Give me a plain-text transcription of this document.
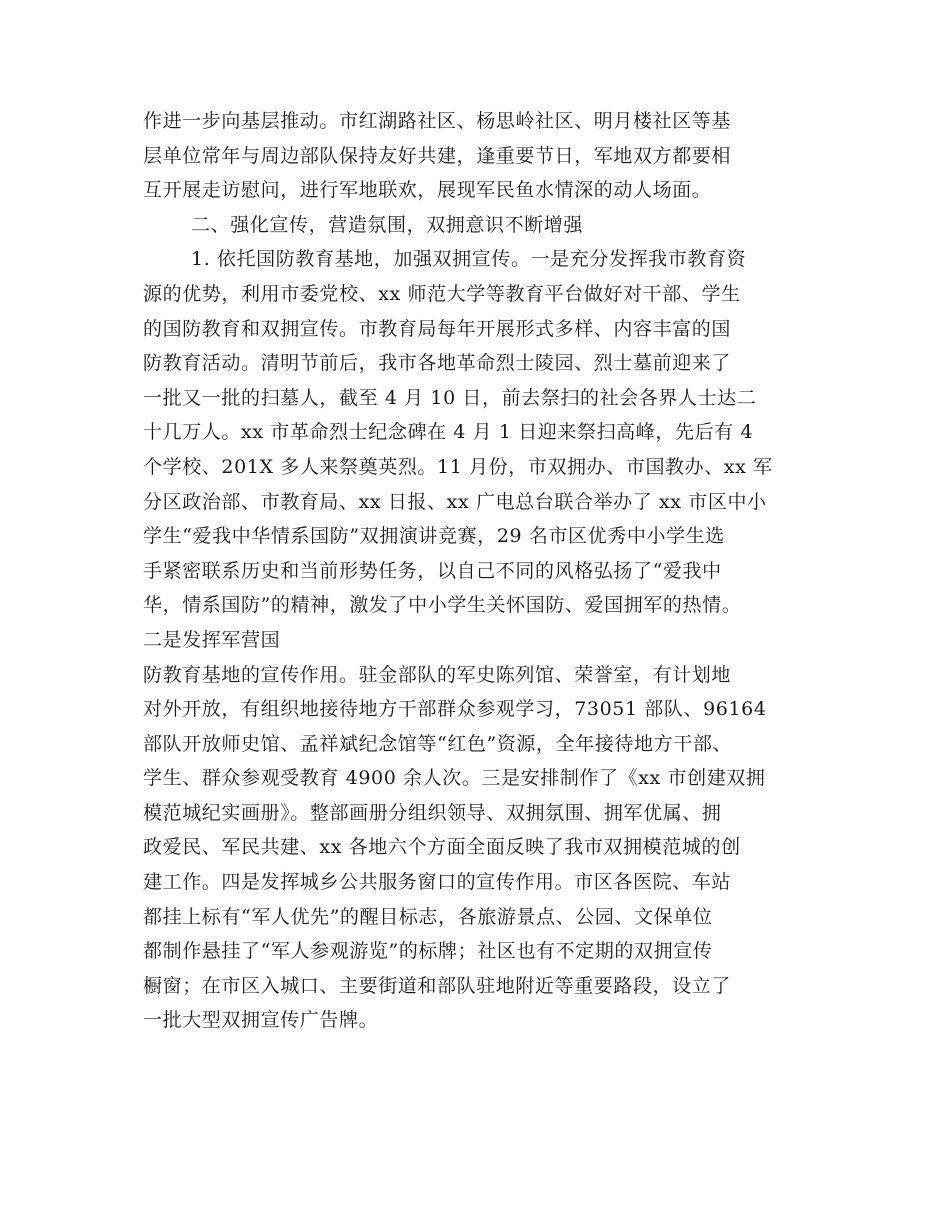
作进一步向基层推动。市红湖路社区、杨思岭社区、明月楼社区等基
层单位常年与周边部队保持友好共建，逢重要节日，军地双方都要相
互开展走访慰问，进行军地联欢，展现军民鱼水情深的动人场面。
二、强化宣传，营造氛围，双拥意识不断增强
1. 依托国防教育基地，加强双拥宣传。一是充分发挥我市教育资
源的优势，利用市委党校、xx 师范大学等教育平台做好对干部、学生
的国防教育和双拥宣传。市教育局每年开展形式多样、内容丰富的国
防教育活动。清明节前后，我市各地革命烈士陵园、烈士墓前迎来了
一批又一批的扫墓人，截至 4 月 10 日，前去祭扫的社会各界人士达二
十几万人。xx 市革命烈士纪念碑在 4 月 1 日迎来祭扫高峰，先后有 4
个学校、201X 多人来祭奠英烈。11 月份，市双拥办、市国教办、xx 军
分区政治部、市教育局、xx 日报、xx 广电总台联合举办了 xx 市区中小
学生“爱我中华情系国防”双拥演讲竞赛，29 名市区优秀中小学生选
手紧密联系历史和当前形势任务，以自己不同的风格弘扬了“爱我中
华，情系国防”的精神，激发了中小学生关怀国防、爱国拥军的热情。
二是发挥军营国
防教育基地的宣传作用。驻金部队的军史陈列馆、荣誉室，有计划地
对外开放，有组织地接待地方干部群众参观学习，73051 部队、96164
部队开放师史馆、孟祥斌纪念馆等“红色”资源，全年接待地方干部、
学生、群众参观受教育 4900 余人次。三是安排制作了《xx 市创建双拥
模范城纪实画册》。整部画册分组织领导、双拥氛围、拥军优属、拥
政爱民、军民共建、xx 各地六个方面全面反映了我市双拥模范城的创
建工作。四是发挥城乡公共服务窗口的宣传作用。市区各医院、车站
都挂上标有“军人优先”的醒目标志，各旅游景点、公园、文保单位
都制作悬挂了“军人参观游览”的标牌；社区也有不定期的双拥宣传
橱窗；在市区入城口、主要街道和部队驻地附近等重要路段，设立了
一批大型双拥宣传广告牌。
